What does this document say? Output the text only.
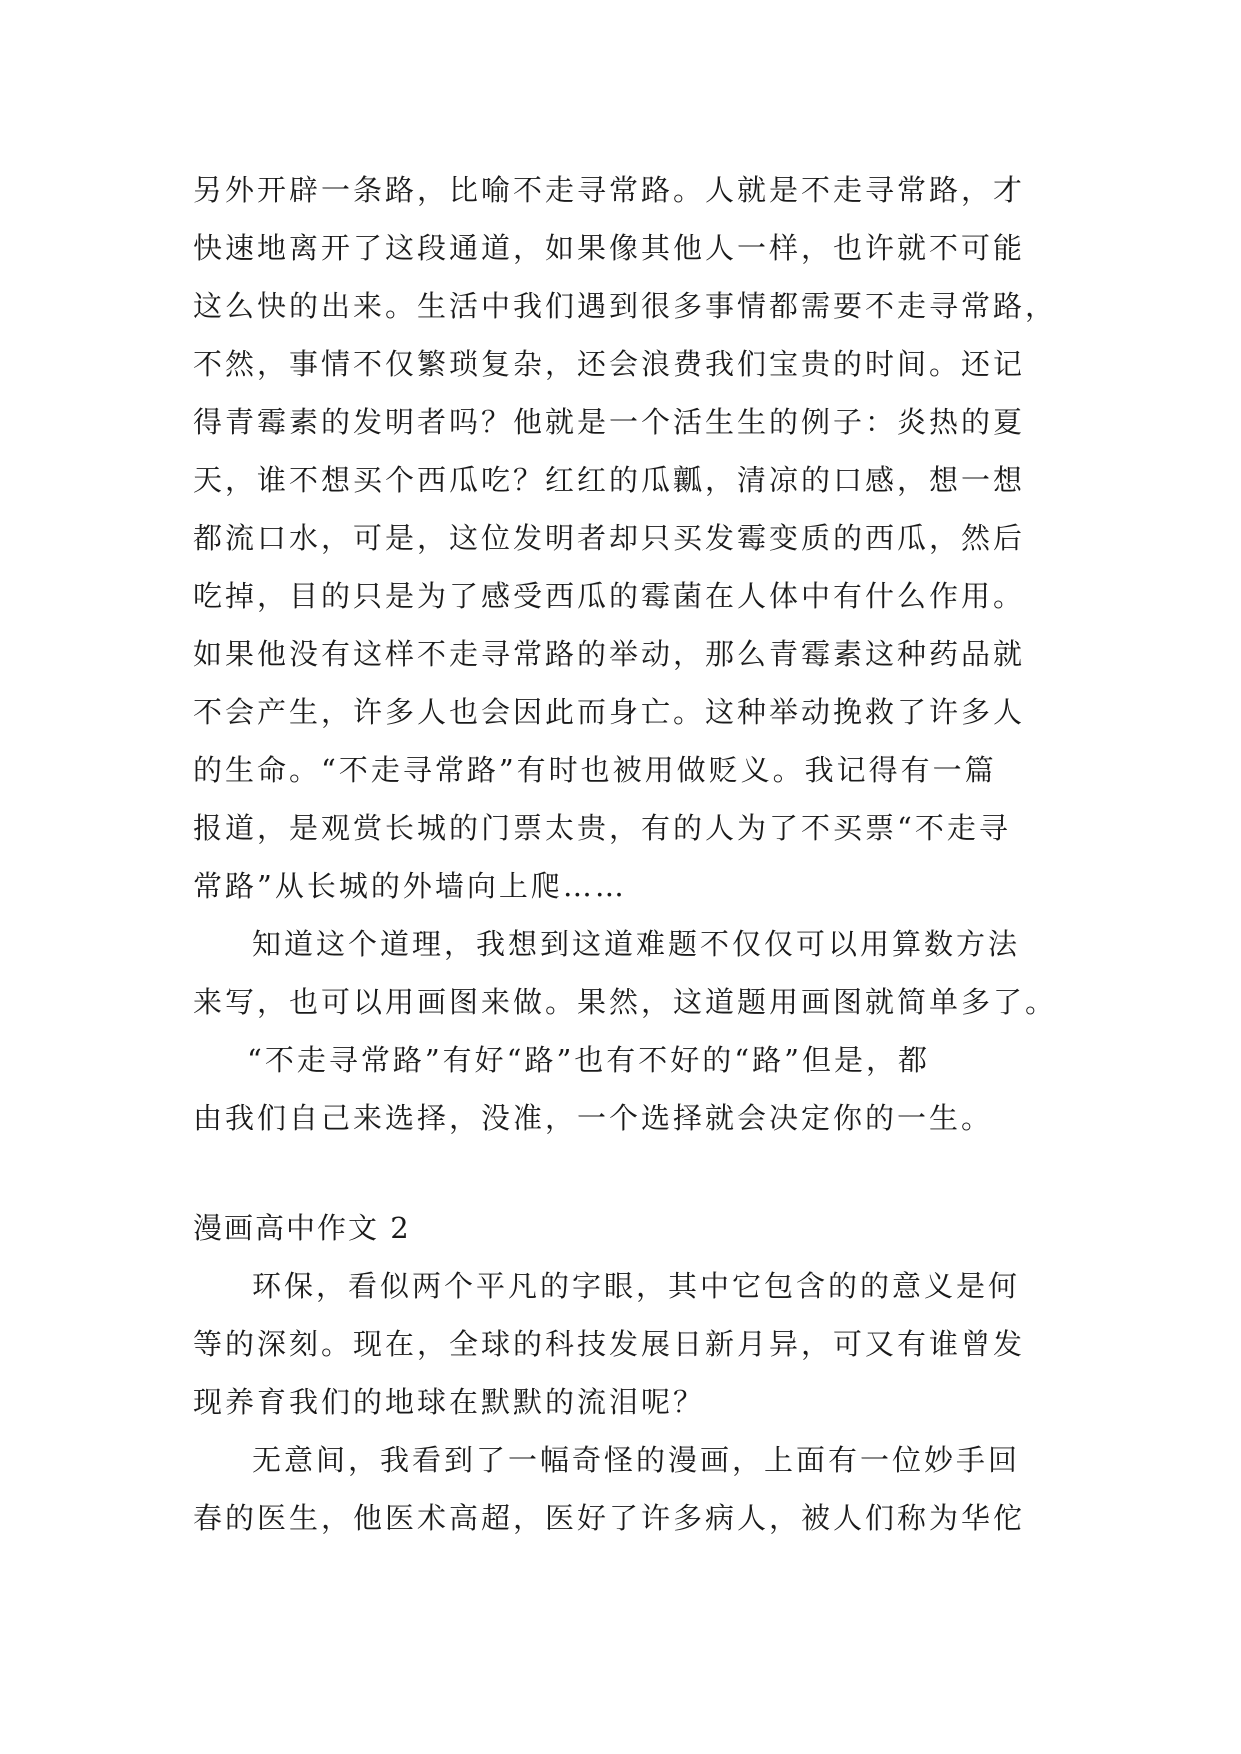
另外开辟一条路，比喻不走寻常路。人就是不走寻常路，才
快速地离开了这段通道，如果像其他人一样，也许就不可能
这么快的出来。生活中我们遇到很多事情都需要不走寻常路，
不然，事情不仅繁琐复杂，还会浪费我们宝贵的时间。还记
得青霉素的发明者吗？他就是一个活生生的例子：炎热的夏
天，谁不想买个西瓜吃？红红的瓜瓤，清凉的口感，想一想
都流口水，可是，这位发明者却只买发霉变质的西瓜，然后
吃掉，目的只是为了感受西瓜的霉菌在人体中有什么作用。
如果他没有这样不走寻常路的举动，那么青霉素这种药品就
不会产生，许多人也会因此而身亡。这种举动挽救了许多人
的生命。“不走寻常路”有时也被用做贬义。我记得有一篇
报道，是观赏长城的门票太贵，有的人为了不买票“不走寻
常路”从长城的外墙向上爬……
知道这个道理，我想到这道难题不仅仅可以用算数方法
来写，也可以用画图来做。果然，这道题用画图就简单多了。
“不走寻常路”有好“路”也有不好的“路”但是，都
由我们自己来选择，没准，一个选择就会决定你的一生。
漫画高中作文 2
环保，看似两个平凡的字眼，其中它包含的的意义是何
等的深刻。现在，全球的科技发展日新月异，可又有谁曾发
现养育我们的地球在默默的流泪呢？
无意间，我看到了一幅奇怪的漫画，上面有一位妙手回
春的医生，他医术高超，医好了许多病人，被人们称为华佗
